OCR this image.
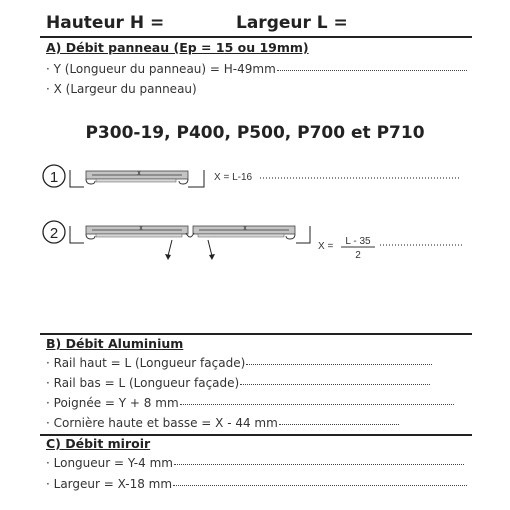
Hauteur H =	Largeur L =
A) Débit panneau (Ep = 15 ou 19mm)
· Y (Longueur du panneau) = H-49mm
· X (Largeur du panneau)
P300-19, P400, P500, P700 et P710
1	x	X = L-16
2	x	x
X = L - 35
2
B) Débit Aluminium
· Rail haut = L (Longueur façade)
· Rail bas = L (Longueur façade)
· Poignée = Y + 8 mm
· Cornière haute et basse = X - 44 mm
C) Débit miroir
· Longueur = Y-4 mm
· Largeur = X-18 mm
